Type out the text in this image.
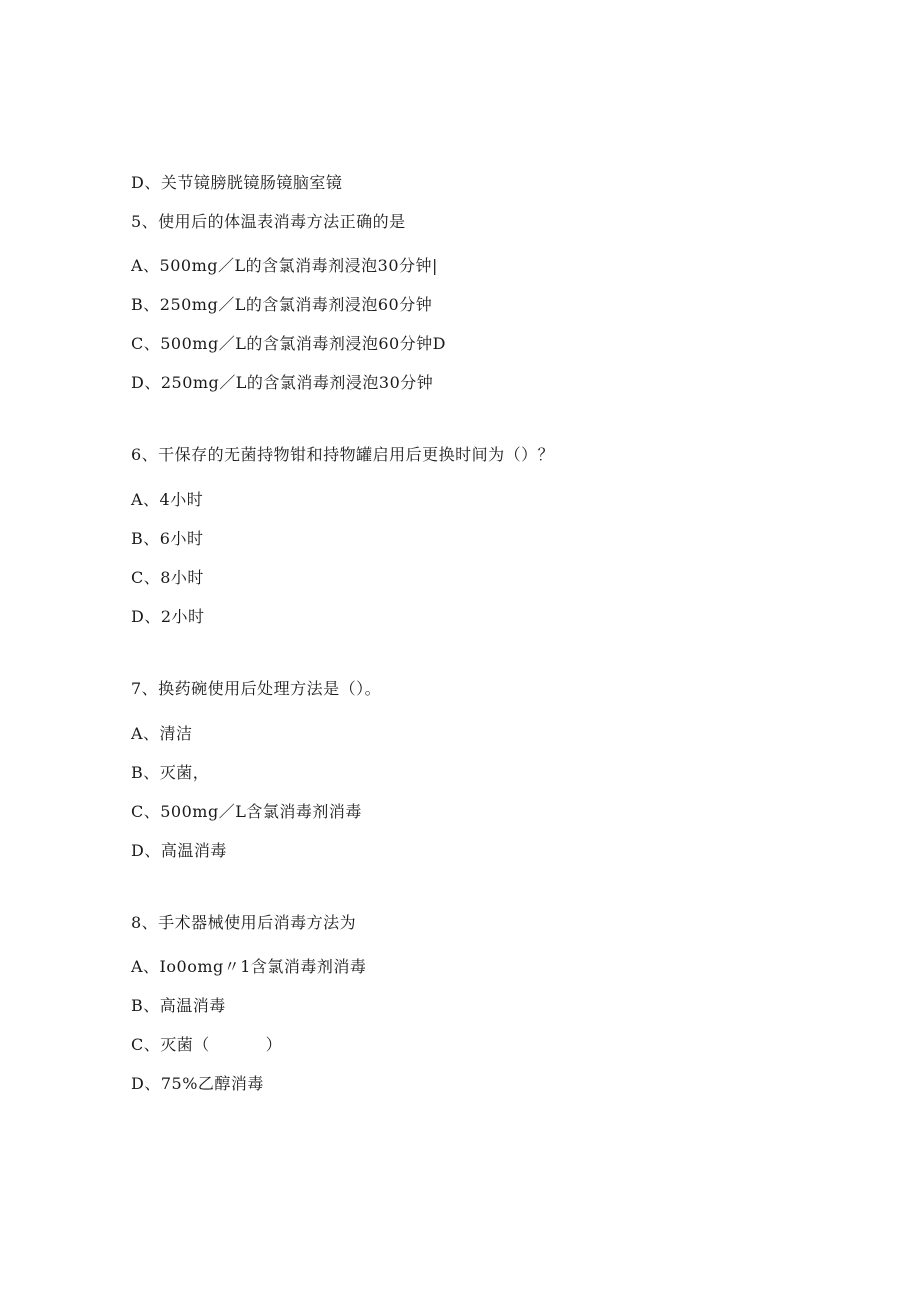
D、关节镜膀胱镜肠镜脑室镜
5、使用后的体温表消毒方法正确的是
A、500mg／L的含氯消毒剂浸泡30分钟|
B、250mg／L的含氯消毒剂浸泡60分钟
C、500mg／L的含氯消毒剂浸泡60分钟D
D、250mg／L的含氯消毒剂浸泡30分钟
6、干保存的无菌持物钳和持物罐启用后更换时间为（）？
A、4小时
B、6小时
C、8小时
D、2小时
7、换药碗使用后处理方法是（）。
A、清洁
B、灭菌，
C、500mg／L含氯消毒剂消毒
D、高温消毒
8、手术器械使用后消毒方法为
A、Io0omg〃1含氯消毒剂消毒
B、高温消毒
C、灭菌（          ）
D、75%乙醇消毒
